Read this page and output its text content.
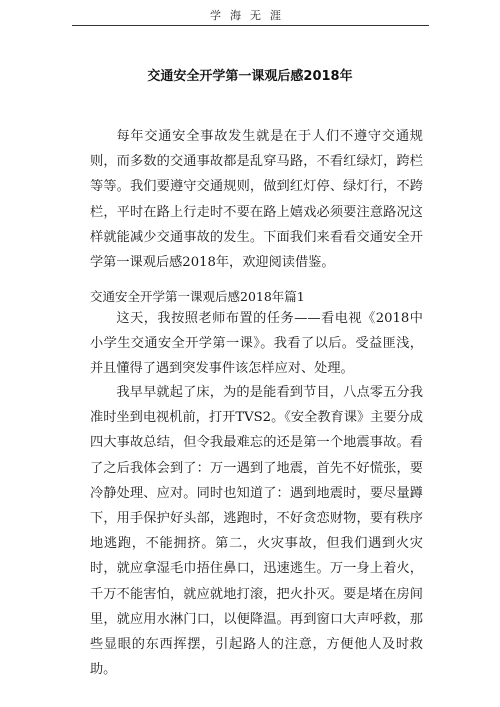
学海无涯
交通安全开学第一课观后感2018年

每年交通安全事故发生就是在于人们不遵守交通规则，而多数的交通事故都是乱穿马路，不看红绿灯，跨栏等等。我们要遵守交通规则，做到红灯停、绿灯行，不跨栏，平时在路上行走时不要在路上嬉戏必须要注意路况这样就能减少交通事故的发生。下面我们来看看交通安全开学第一课观后感2018年，欢迎阅读借鉴。

交通安全开学第一课观后感2018年篇1

这天，我按照老师布置的任务——看电视《2018中小学生交通安全开学第一课》。我看了以后。受益匪浅，并且懂得了遇到突发事件该怎样应对、处理。

我早早就起了床，为的是能看到节目，八点零五分我准时坐到电视机前，打开TVS2。《安全教育课》主要分成四大事故总结，但令我最难忘的还是第一个地震事故。看了之后我体会到了：万一遇到了地震，首先不好慌张，要冷静处理、应对。同时也知道了：遇到地震时，要尽量蹲下，用手保护好头部，逃跑时，不好贪恋财物，要有秩序地逃跑，不能拥挤。第二，火灾事故，但我们遇到火灾时，就应拿湿毛巾捂住鼻口，迅速逃生。万一身上着火，千万不能害怕，就应就地打滚，把火扑灭。要是堵在房间里，就应用水淋门口，以便降温。再到窗口大声呼救，那些显眼的东西挥摆，引起路人的注意，方便他人及时救助。
